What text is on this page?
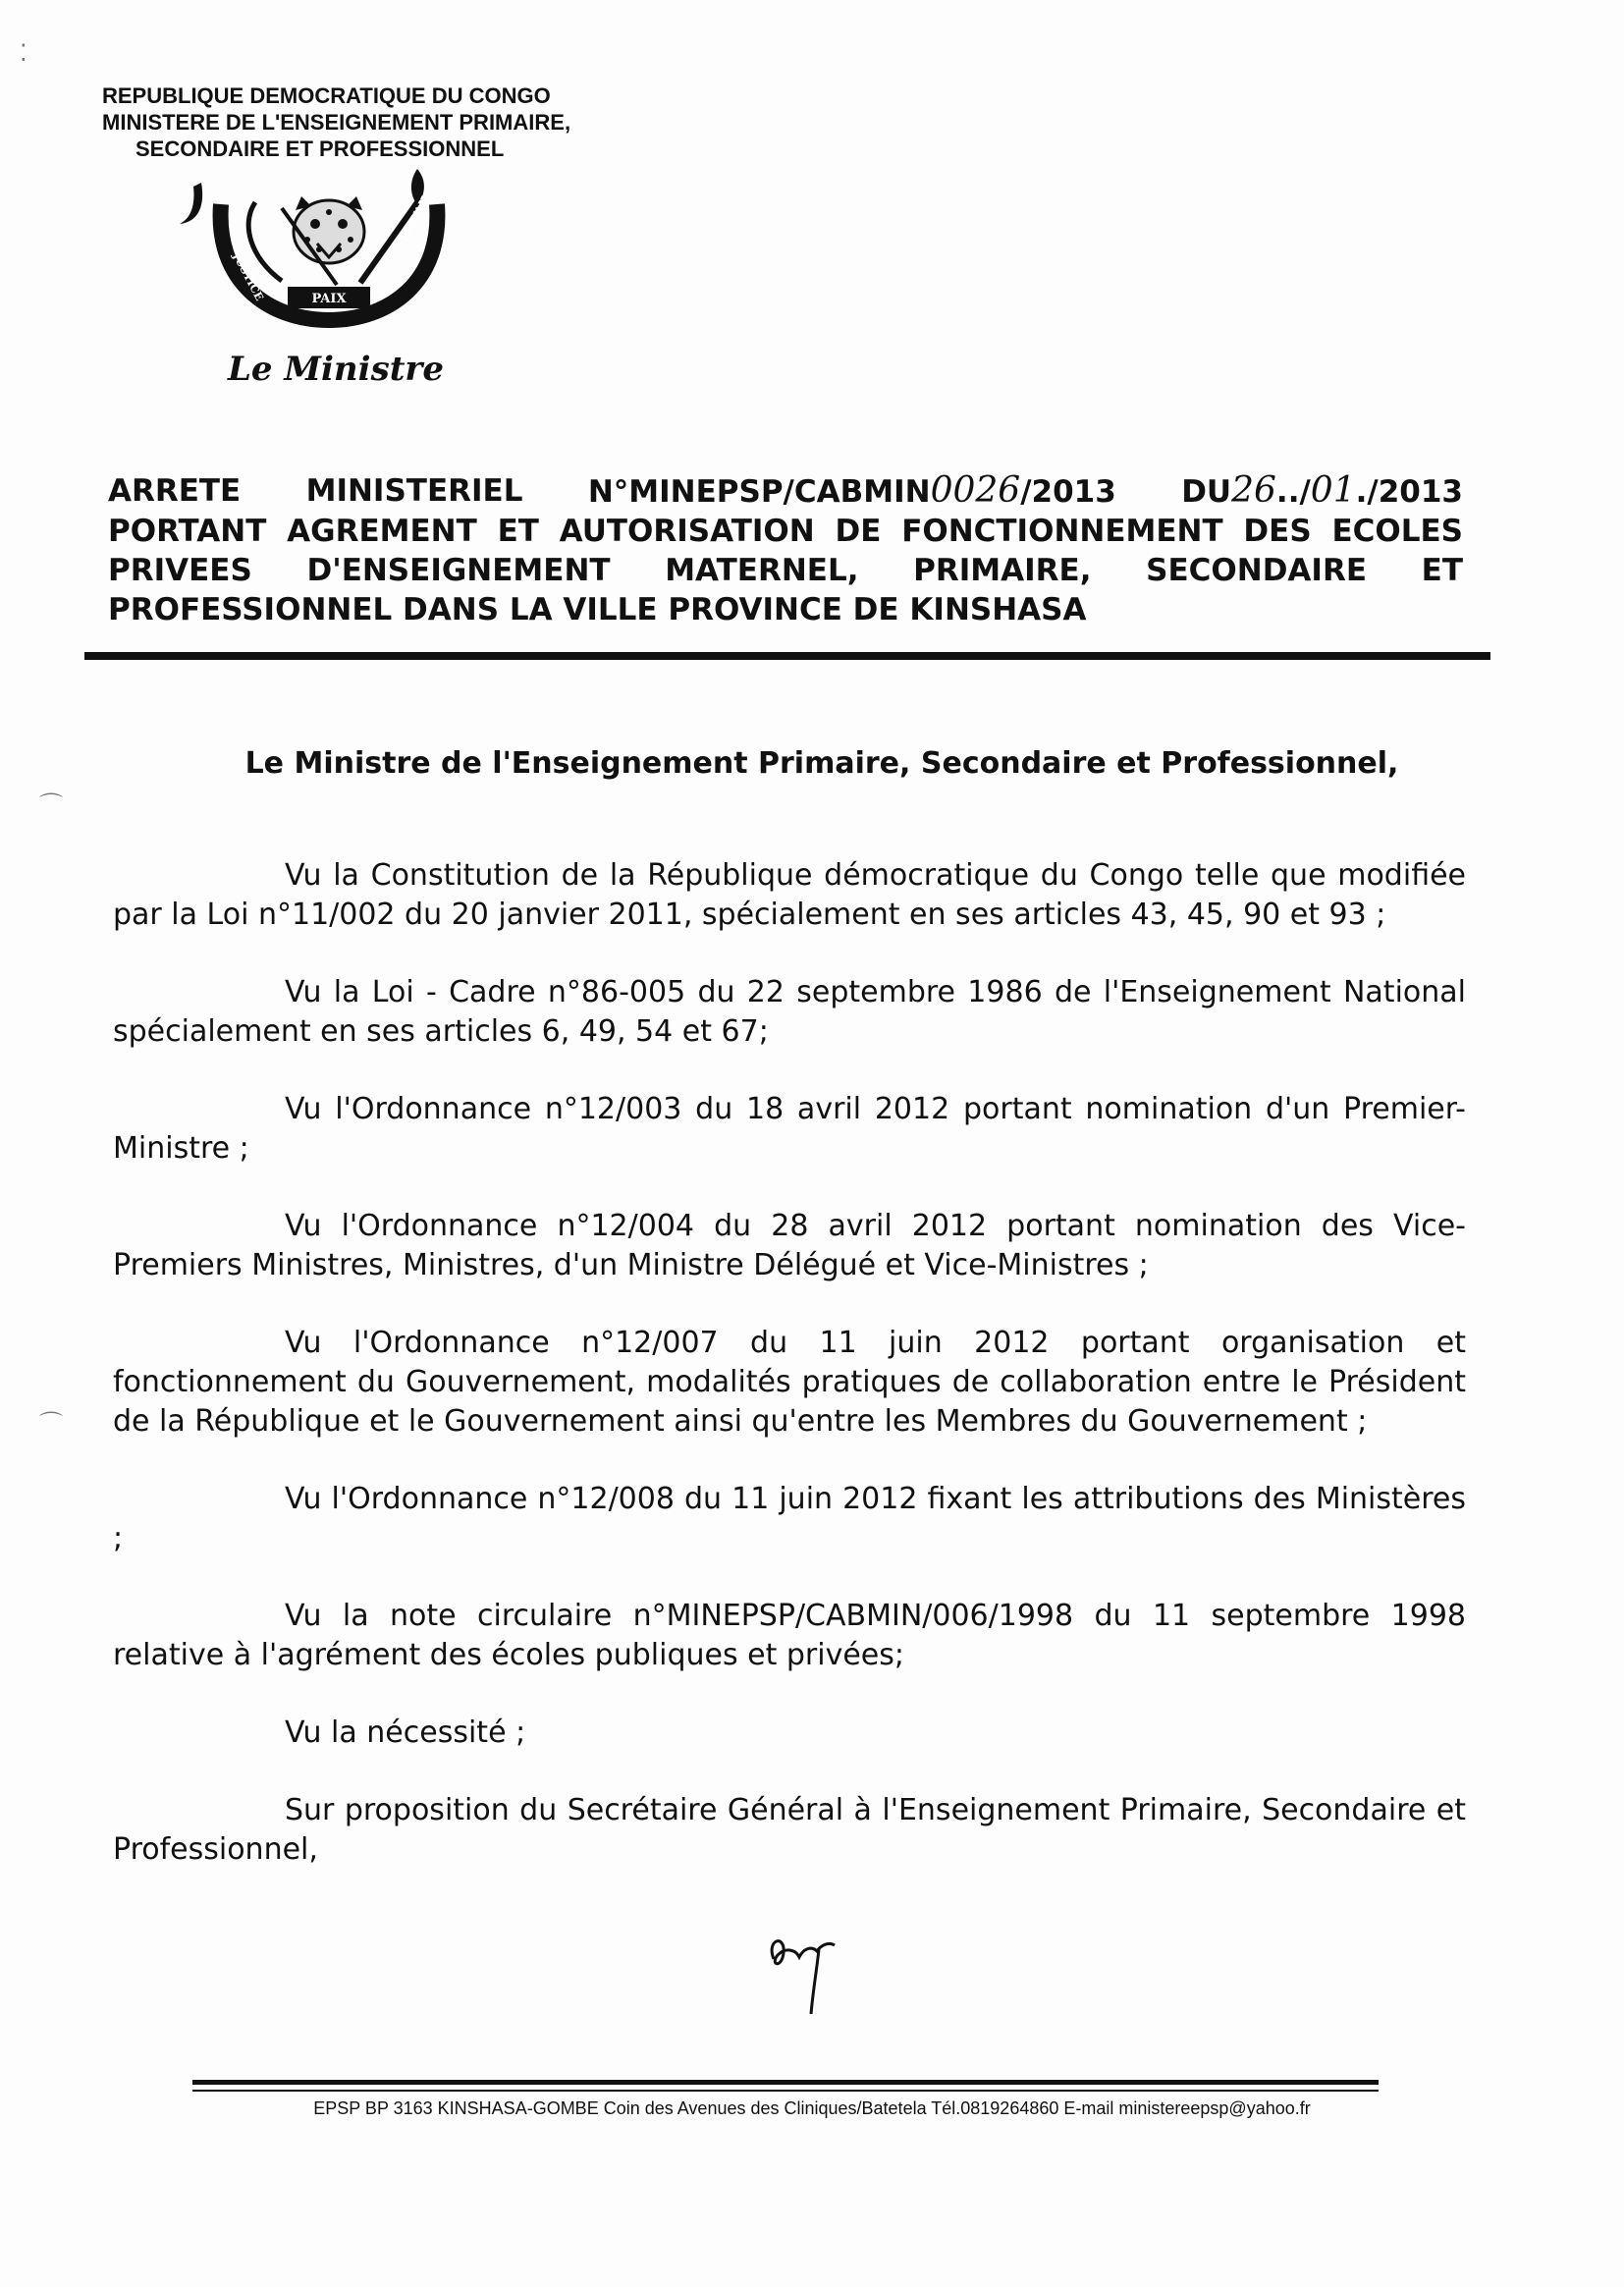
REPUBLIQUE DEMOCRATIQUE DU CONGO
MINISTERE DE L'ENSEIGNEMENT PRIMAIRE,
SECONDAIRE ET PROFESSIONNEL
JUSTICE
TRAVAIL
PAIX
Le Ministre
ARRETE MINISTERIEL N°MINEPSP/CABMIN0026/2013 DU26../01./2013
PORTANT AGREMENT ET AUTORISATION DE FONCTIONNEMENT DES ECOLES PRIVEES D'ENSEIGNEMENT MATERNEL, PRIMAIRE, SECONDAIRE ET PROFESSIONNEL DANS LA VILLE PROVINCE DE KINSHASA
Le Ministre de l'Enseignement Primaire, Secondaire et Professionnel,

Vu la Constitution de la République démocratique du Congo telle que modifiée par la Loi n°11/002 du 20 janvier 2011, spécialement en ses articles 43, 45, 90 et 93 ;

Vu la Loi - Cadre n°86-005 du 22 septembre 1986 de l'Enseignement National spécialement en ses articles 6, 49, 54 et 67;

Vu l'Ordonnance n°12/003 du 18 avril 2012 portant nomination d'un Premier-Ministre ;

Vu l'Ordonnance n°12/004 du 28 avril 2012 portant nomination des Vice-Premiers Ministres, Ministres, d'un Ministre Délégué et Vice-Ministres ;

Vu l'Ordonnance n°12/007 du 11 juin 2012 portant organisation et fonctionnement du Gouvernement, modalités pratiques de collaboration entre le Président de la République et le Gouvernement ainsi qu'entre les Membres du Gouvernement ;

Vu l'Ordonnance n°12/008 du 11 juin 2012 fixant les attributions des Ministères ;

Vu la note circulaire n°MINEPSP/CABMIN/006/1998 du 11 septembre 1998 relative à l'agrément des écoles publiques et privées;

Vu la nécessité ;

Sur proposition du Secrétaire Général à l'Enseignement Primaire, Secondaire et Professionnel,

EPSP BP 3163 KINSHASA-GOMBE Coin des Avenues des Cliniques/Batetela Tél.0819264860 E-mail ministereepsp@yahoo.fr
⁚
⌒
⌒
